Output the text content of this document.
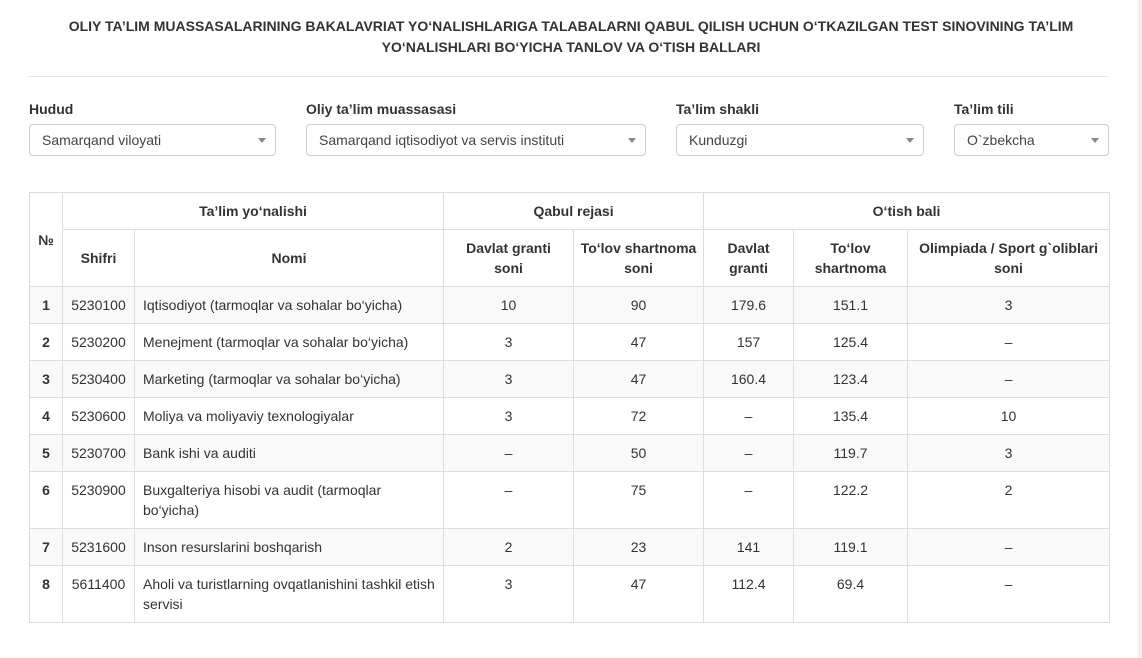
OLIY TA’LIM MUASSASALARINING BAKALAVRIAT YO‘NALISHLARIGA TALABALARNI QABUL QILISH UCHUN O‘TKAZILGAN TEST SINOVINING TA’LIM
YO‘NALISHLARI BO‘YICHA TANLOV VA O‘TISH BALLARI
Hudud
Samarqand viloyati
Oliy ta’lim muassasasi
Samarqand iqtisodiyot va servis instituti
Ta’lim shakli
Kunduzgi
Ta’lim tili
O`zbekcha
№	Ta’lim yo‘nalishi		Qabul rejasi		O‘tish bali		
	Shifri	Nomi	Davlat granti soni	To‘lov shartnoma soni	Davlat granti	To‘lov shartnoma	Olimpiada / Sport g`oliblari soni
1	5230100	Iqtisodiyot (tarmoqlar va sohalar bo‘yicha)	10	90	179.6	151.1	3
2	5230200	Menejment (tarmoqlar va sohalar bo‘yicha)	3	47	157	125.4	–
3	5230400	Marketing (tarmoqlar va sohalar bo‘yicha)	3	47	160.4	123.4	–
4	5230600	Moliya va moliyaviy texnologiyalar	3	72	–	135.4	10
5	5230700	Bank ishi va auditi	–	50	–	119.7	3
6	5230900	Buxgalteriya hisobi va audit (tarmoqlar bo‘yicha)	–	75	–	122.2	2
7	5231600	Inson resurslarini boshqarish	2	23	141	119.1	–
8	5611400	Aholi va turistlarning ovqatlanishini tashkil etish servisi	3	47	112.4	69.4	–
